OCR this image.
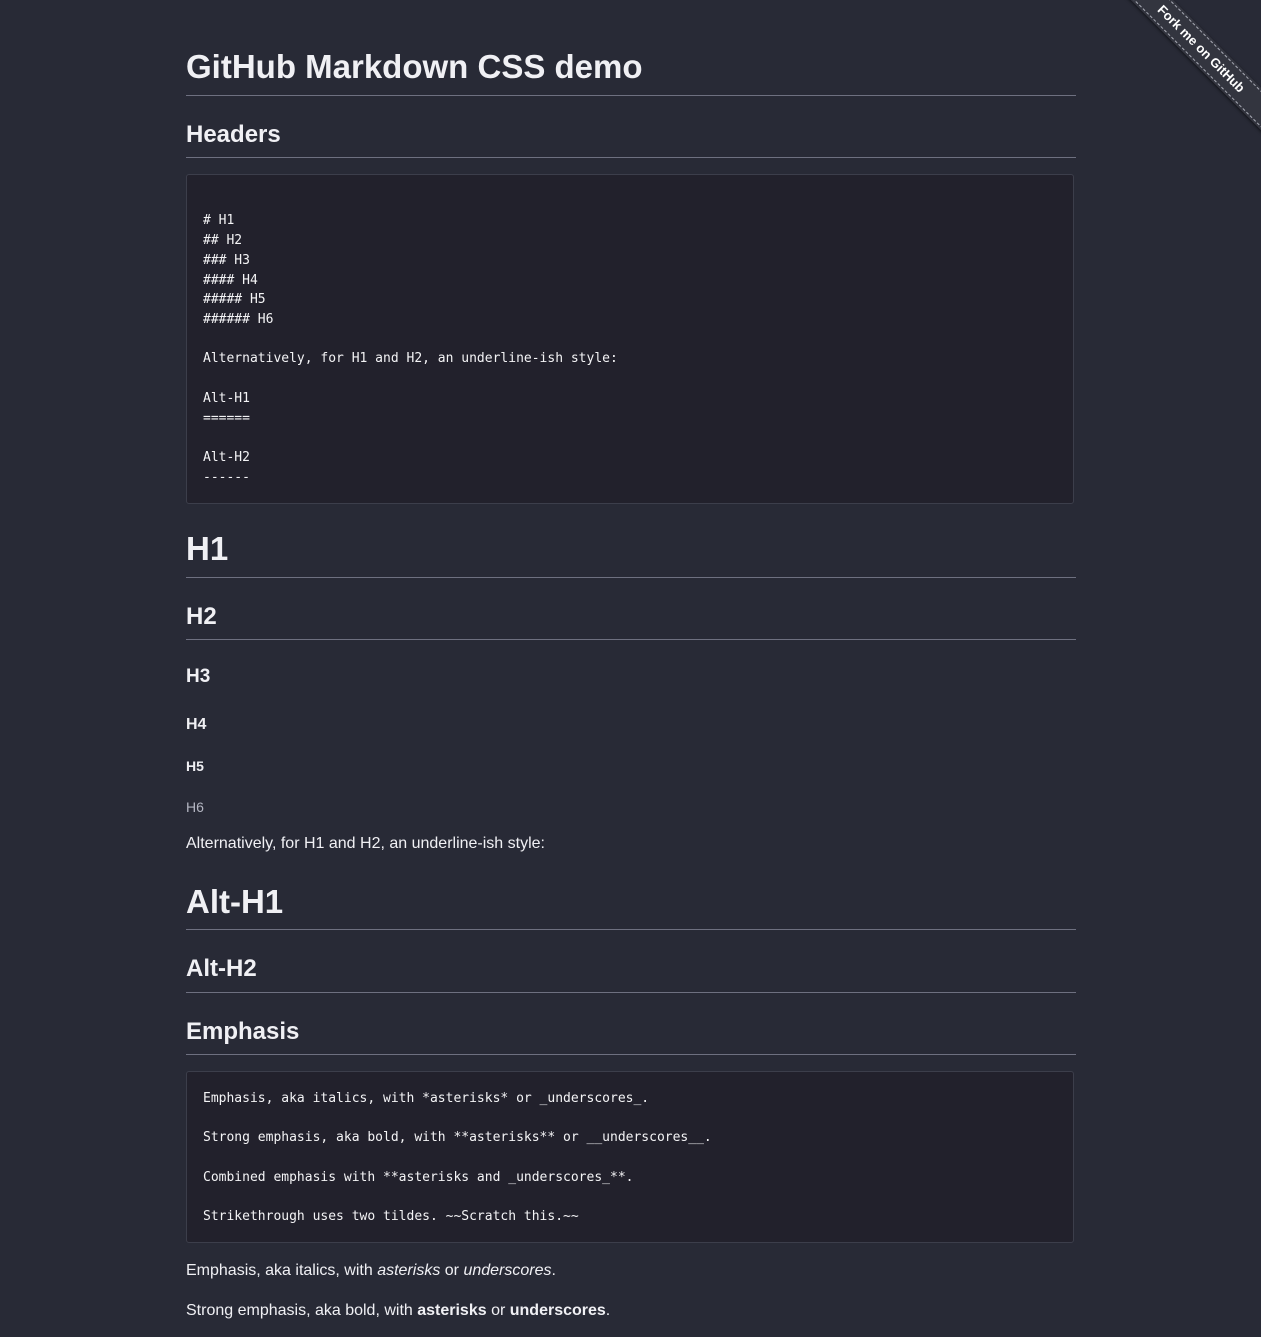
Fork me on GitHub
GitHub Markdown CSS demo
Headers
# H1
## H2
### H3
#### H4
##### H5
###### H6
Alternatively, for H1 and H2, an underline-ish style:
Alt-H1
======
Alt-H2
------
H1
H2
H3
H4
H5
H6

Alternatively, for H1 and H2, an underline-ish style:

Alt-H1
Alt-H2
Emphasis
Emphasis, aka italics, with *asterisks* or _underscores_.
Strong emphasis, aka bold, with **asterisks** or __underscores__.
Combined emphasis with **asterisks and _underscores_**.
Strikethrough uses two tildes. ~~Scratch this.~~

Emphasis, aka italics, with asterisks or underscores.

Strong emphasis, aka bold, with asterisks or underscores.
